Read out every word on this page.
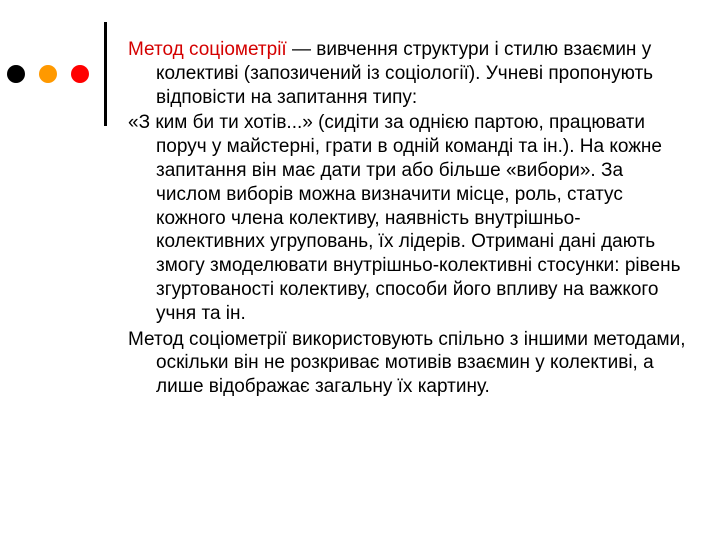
Метод соціометрії — вивчення структури і стилю взаємин у колективі (запозичений із соціології). Учневі пропонують відповісти на запитання типу:

«З ким би ти хотів...» (сидіти за однією партою, працювати поруч у майстерні, грати в одній команді та ін.). На кожне запитання він має дати три або більше «вибори». За числом виборів можна визначити місце, роль, статус кожного члена колективу, наявність внутрішньо-колективних угруповань, їх лідерів. Отримані дані дають змогу змоделювати внутрішньо-колективні стосунки: рівень згуртованості колективу, способи його впливу на важкого учня та ін.

Метод соціометрії використовують спільно з іншими методами, оскільки він не розкриває мотивів взаємин у колективі, а лише відображає загальну їх картину.
